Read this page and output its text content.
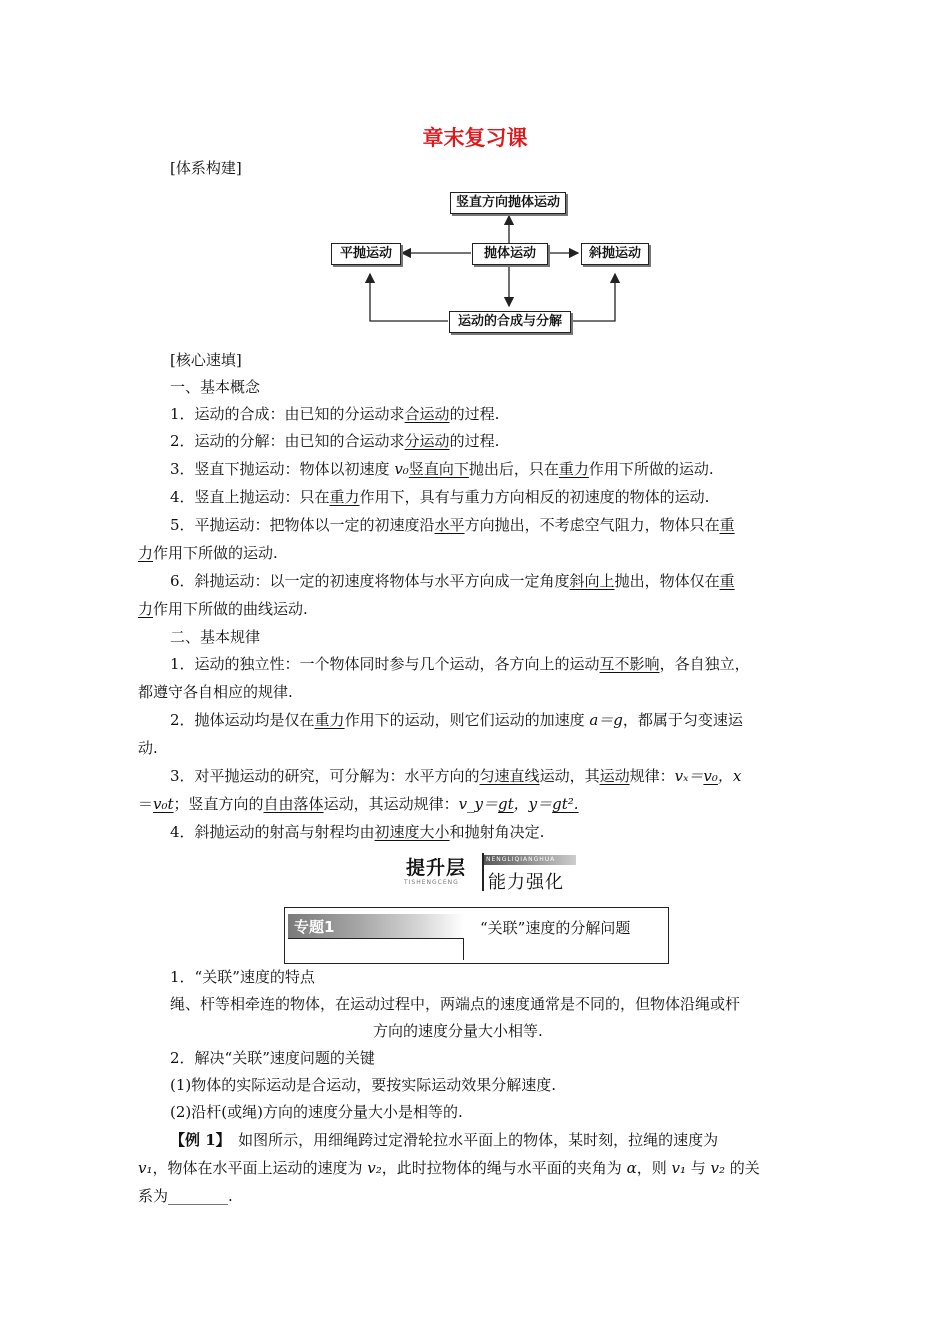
章末复习课
[体系构建]
竖直方向抛体运动
抛体运动
平抛运动	斜抛运动
运动的合成与分解
[核心速填]
一、基本概念
1．运动的合成：由已知的分运动求合运动的过程.
2．运动的分解：由已知的合运动求分运动的过程.
3．竖直下抛运动：物体以初速度 v₀竖直向下抛出后，只在重力作用下所做的运动.
4．竖直上抛运动：只在重力作用下，具有与重力方向相反的初速度的物体的运动.
5．平抛运动：把物体以一定的初速度沿水平方向抛出，不考虑空气阻力，物体只在重
力作用下所做的运动.
6．斜抛运动：以一定的初速度将物体与水平方向成一定角度斜向上抛出，物体仅在重
力作用下所做的曲线运动.
二、基本规律
1．运动的独立性：一个物体同时参与几个运动，各方向上的运动互不影响，各自独立，
都遵守各自相应的规律.
2．抛体运动均是仅在重力作用下的运动，则它们运动的加速度 a＝g，都属于匀变速运
动.
3．对平抛运动的研究，可分解为：水平方向的匀速直线运动，其运动规律：vₓ＝v₀，x
＝v₀t；竖直方向的自由落体运动，其运动规律：v_y＝gt，y＝gt².
4．斜抛运动的射高与射程均由初速度大小和抛射角决定.
提升层
TISHENGCENG
NENGLIQIANGHUA
能力强化
专题1	“关联”速度的分解问题
1．“关联”速度的特点
绳、杆等相牵连的物体，在运动过程中，两端点的速度通常是不同的，但物体沿绳或杆
方向的速度分量大小相等.
2．解决“关联”速度问题的关键
(1)物体的实际运动是合运动，要按实际运动效果分解速度.
(2)沿杆(或绳)方向的速度分量大小是相等的.
【例 1】　如图所示，用细绳跨过定滑轮拉水平面上的物体，某时刻，拉绳的速度为
v₁，物体在水平面上运动的速度为 v₂，此时拉物体的绳与水平面的夹角为 α，则 v₁ 与 v₂ 的关
系为________.
